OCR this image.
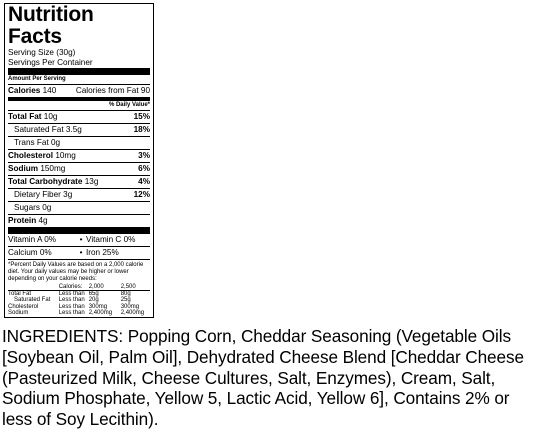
Nutrition Facts
Serving Size (30g)
Servings Per Container
Amount Per Serving
Calories 140 Calories from Fat 90
% Daily Value*
Total Fat 10g	15%
Saturated Fat 3.5g	18%
Trans Fat 0g
Cholesterol 10mg	3%
Sodium 150mg	6%
Total Carbohydrate 13g	4%
Dietary Fiber 3g	12%
Sugars 0g
Protein 4g
Vitamin A 0%	• Vitamin C 0%
Calcium 0%	• Iron 25%
*Percent Daily Values are based on a 2,000 calorie diet. Your daily values may be higher or lower depending on your calorie needs:
	Calories:	2,000	2,500

Total Fat	Less than	65g	80g
Saturated Fat	Less than	20g	25g
Cholesterol	Less than	300mg	300mg
Sodium	Less than	2,400mg	2,400mg

INGREDIENTS: Popping Corn, Cheddar Seasoning (Vegetable Oils [Soybean Oil, Palm Oil], Dehydrated Cheese Blend [Cheddar Cheese (Pasteurized Milk, Cheese Cultures, Salt, Enzymes), Cream, Salt, Sodium Phosphate, Yellow 5, Lactic Acid, Yellow 6], Contains 2% or less of Soy Lecithin).
